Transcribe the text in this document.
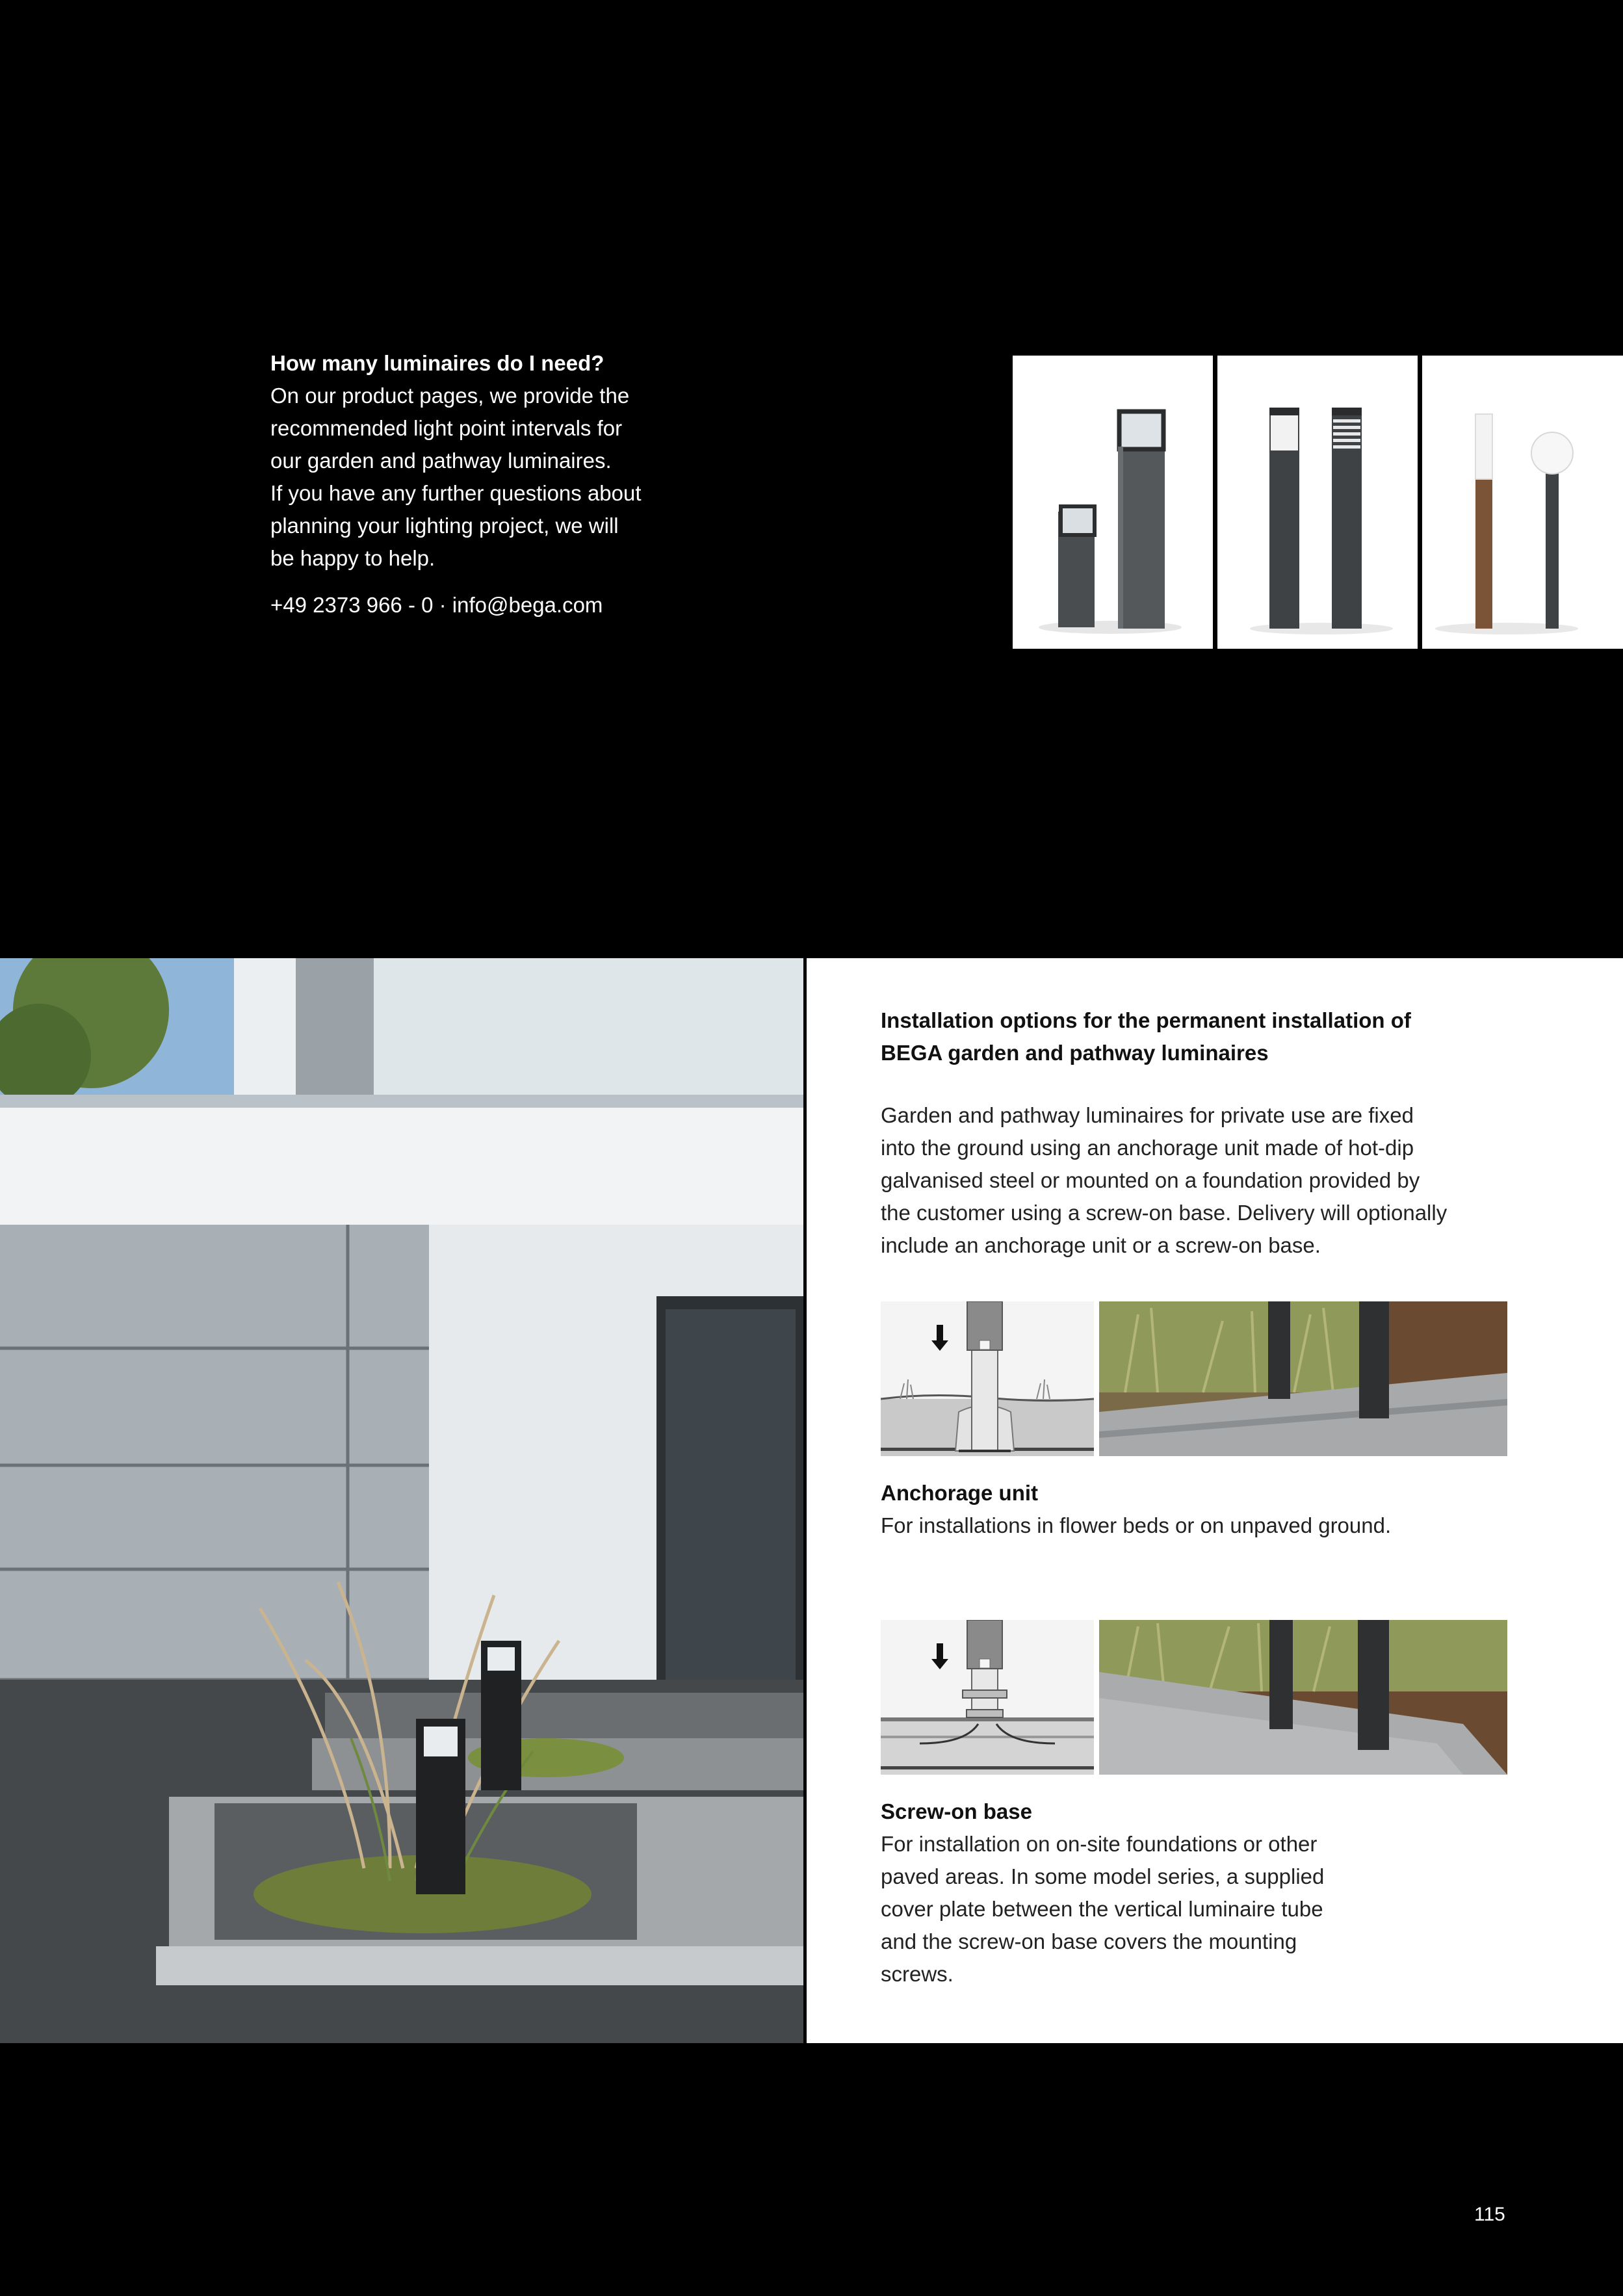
How many luminaires do I need?

On our product pages, we provide the

recommended light point intervals for

our garden and pathway luminaires.

If you have any further questions about

planning your lighting project, we will

be happy to help.

+49 2373 966 - 0 · info@bega.com
Installation options for the permanent installation of
BEGA garden and pathway luminaires
Garden and pathway luminaires for private use are fixed
into the ground using an anchorage unit made of hot-dip
galvanised steel or mounted on a foundation provided by
the customer using a screw-on base. Delivery will optionally
include an anchorage unit or a screw-on base.

Anchorage unit

For installations in flower beds or on unpaved ground.

Screw-on base

For installation on on-site foundations or other

paved areas. In some model series, a supplied

cover plate between the vertical luminaire tube

and the screw-on base covers the mounting

screws.

115
